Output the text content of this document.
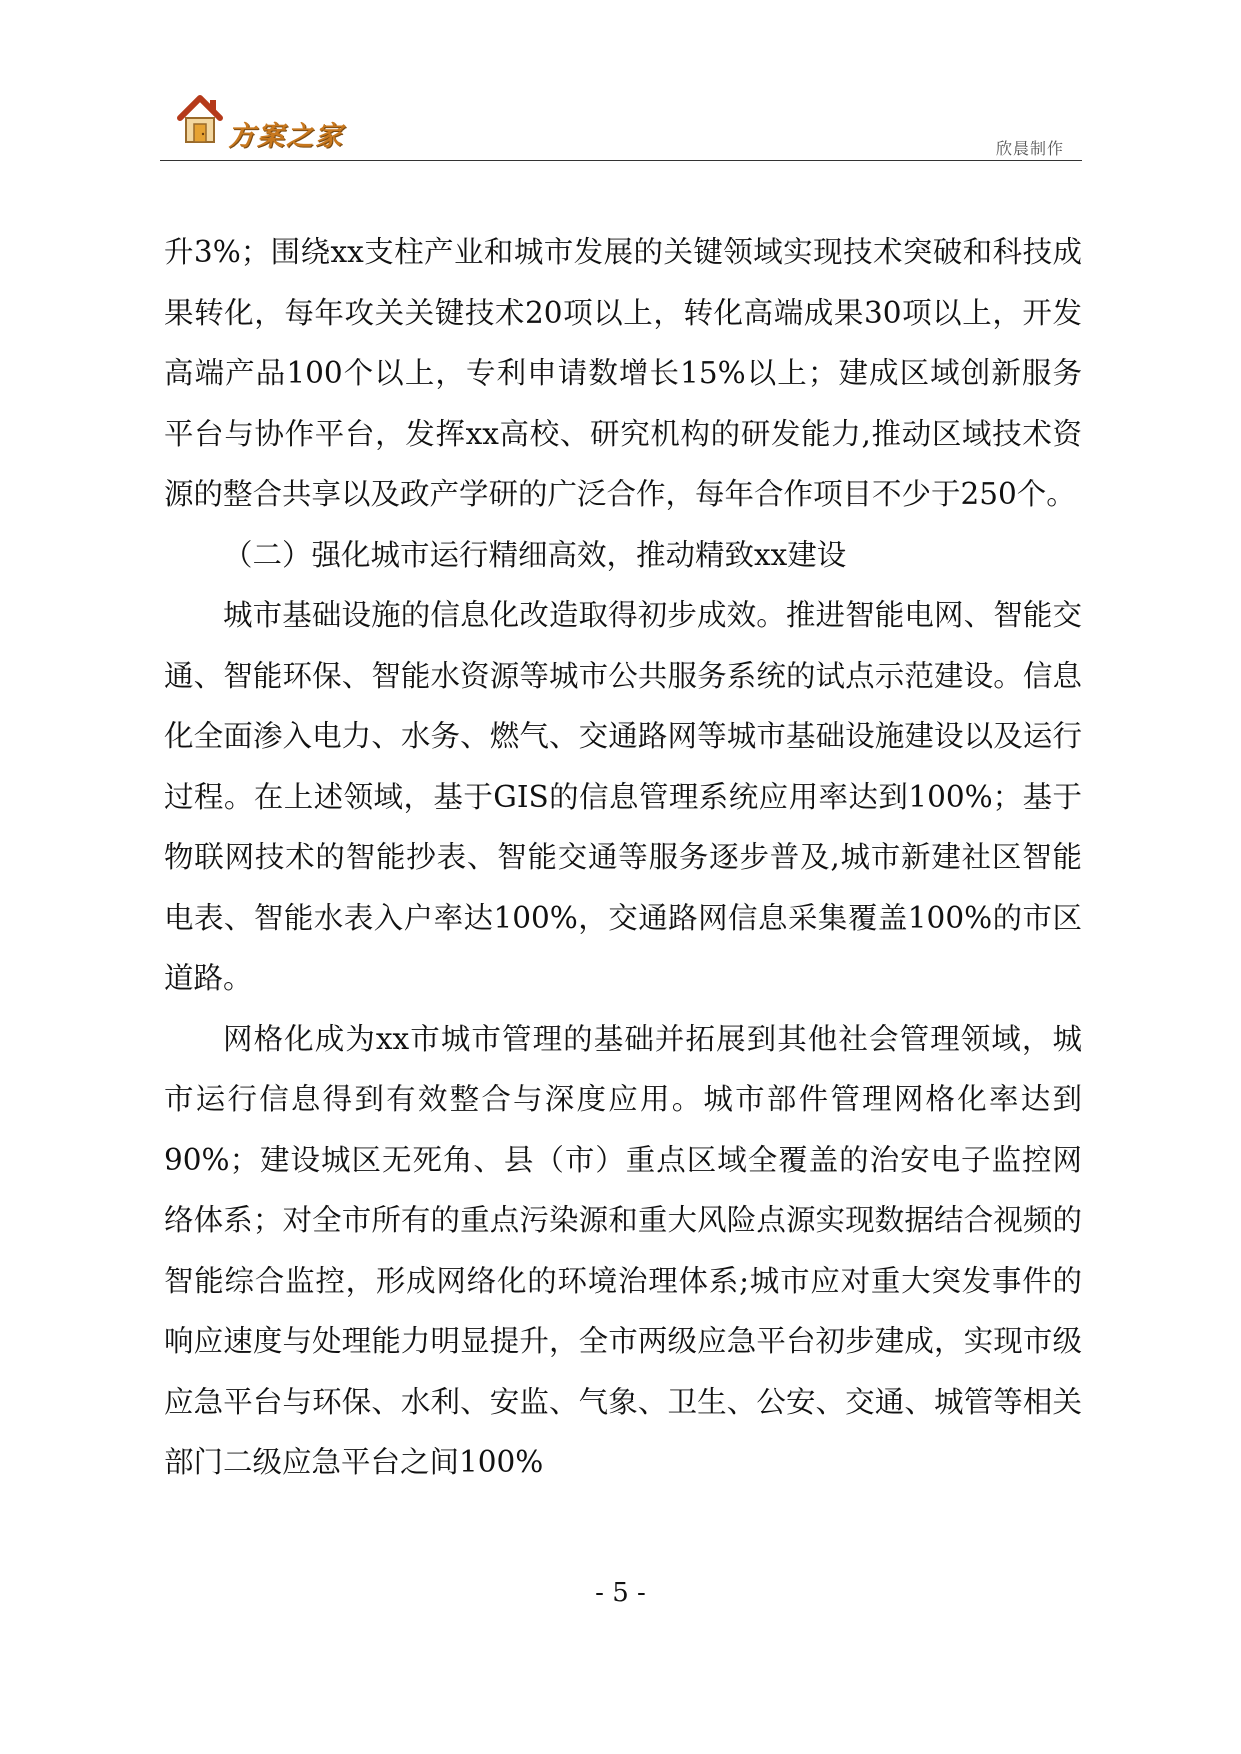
方案之家	欣晨制作

升3%；围绕xx支柱产业和城市发展的关键领域实现技术突破和科技成果转化，每年攻关关键技术20项以上，转化高端成果30项以上，开发高端产品100个以上，专利申请数增长15%以上；建成区域创新服务平台与协作平台，发挥xx高校、研究机构的研发能力,推动区域技术资源的整合共享以及政产学研的广泛合作，每年合作项目不少于250个。

（二）强化城市运行精细高效，推动精致xx建设

城市基础设施的信息化改造取得初步成效。推进智能电网、智能交通、智能环保、智能水资源等城市公共服务系统的试点示范建设。信息化全面渗入电力、水务、燃气、交通路网等城市基础设施建设以及运行过程。在上述领域，基于GIS的信息管理系统应用率达到100%；基于物联网技术的智能抄表、智能交通等服务逐步普及,城市新建社区智能电表、智能水表入户率达100%，交通路网信息采集覆盖100%的市区道路。

网格化成为xx市城市管理的基础并拓展到其他社会管理领域，城市运行信息得到有效整合与深度应用。城市部件管理网格化率达到90%；建设城区无死角、县（市）重点区域全覆盖的治安电子监控网络体系；对全市所有的重点污染源和重大风险点源实现数据结合视频的智能综合监控，形成网络化的环境治理体系;城市应对重大突发事件的响应速度与处理能力明显提升，全市两级应急平台初步建成，实现市级应急平台与环保、水利、安监、气象、卫生、公安、交通、城管等相关部门二级应急平台之间100%

- 5 -
